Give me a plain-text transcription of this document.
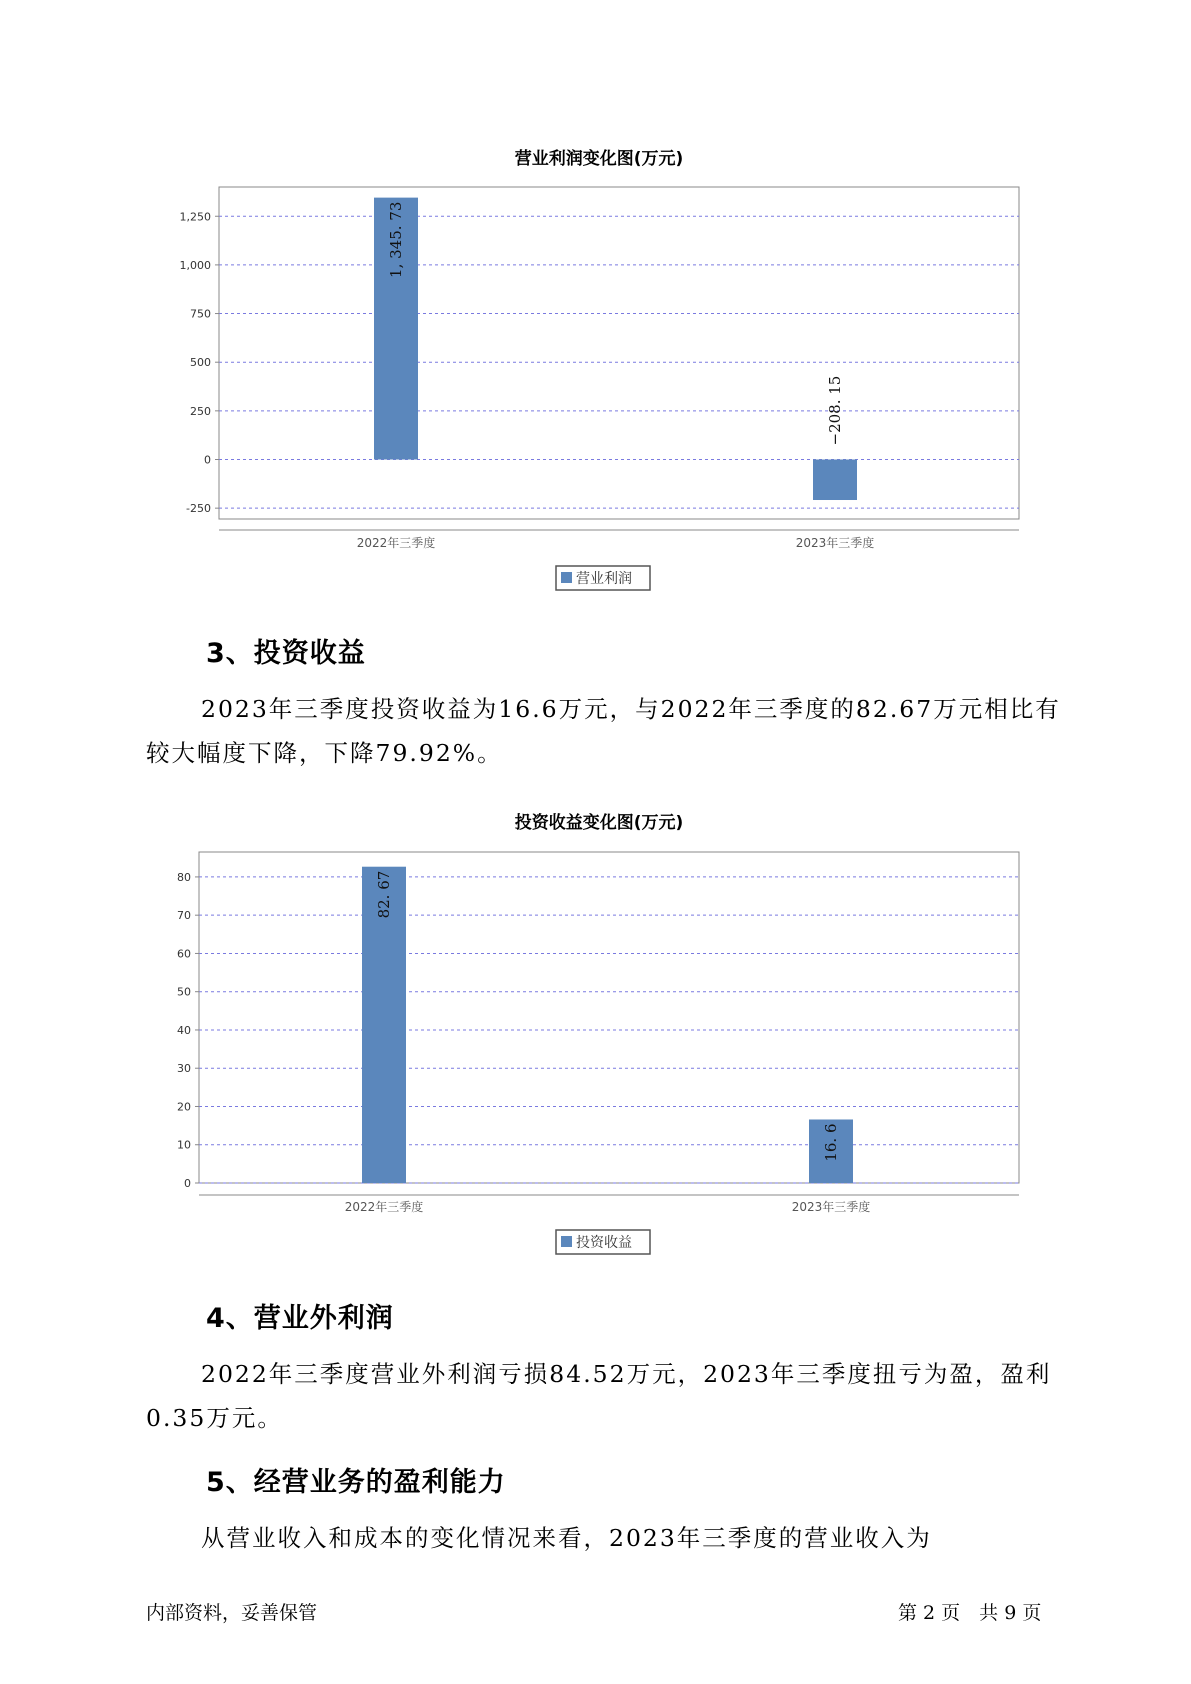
营业利润变化图(万元)
1,250
1,000
750
500
250
0
-250
1, 345. 73
2022年三季度
−208. 15
2023年三季度
营业利润
3、投资收益

2023年三季度投资收益为16.6万元，与2022年三季度的82.67万元相比有较大幅度下降，下降79.92%。

投资收益变化图(万元)
80
70
60
50
40
30
20
10
0
82. 67
2022年三季度
16. 6
2023年三季度
投资收益
4、营业外利润

2022年三季度营业外利润亏损84.52万元，2023年三季度扭亏为盈，盈利0.35万元。

5、经营业务的盈利能力

从营业收入和成本的变化情况来看，2023年三季度的营业收入为

内部资料，妥善保管	第 2 页　共 9 页
